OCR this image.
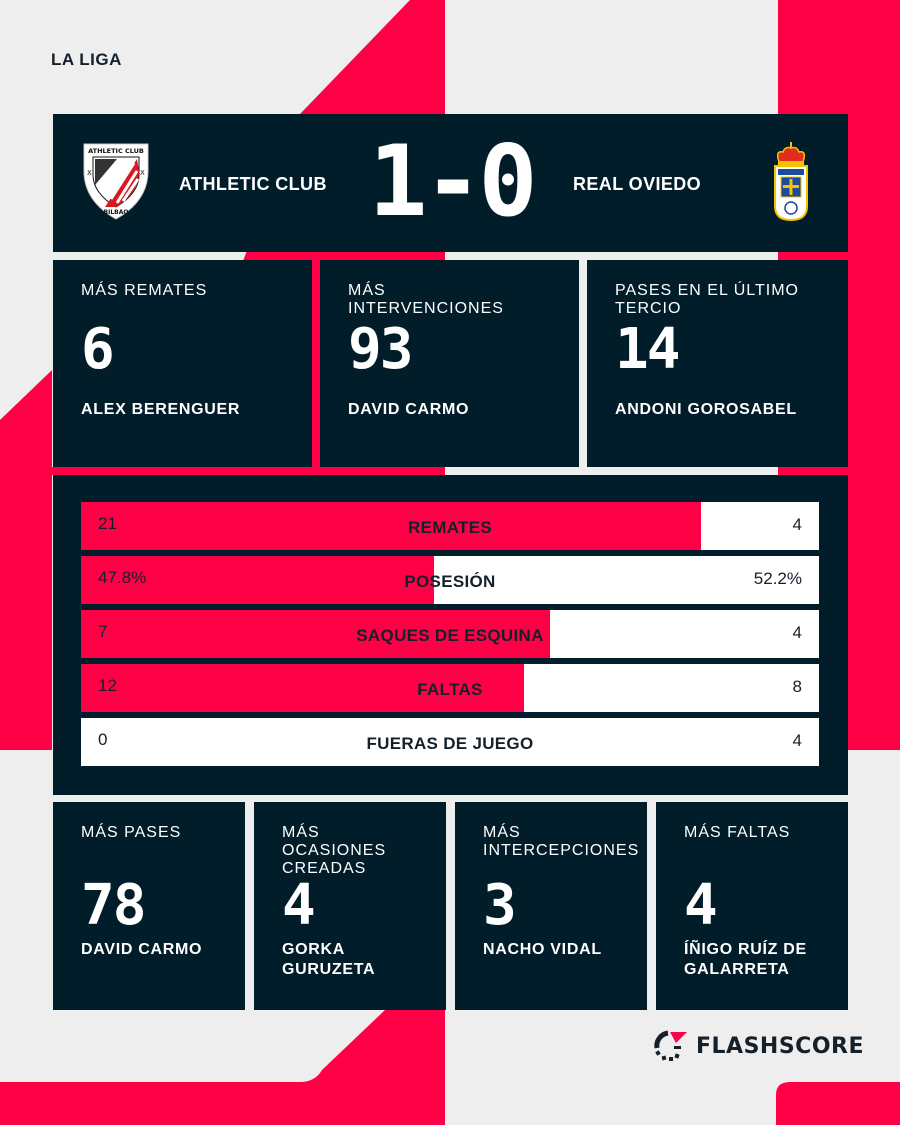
LA LIGA
ATHLETIC CLUB
X	X
BILBAO
ATHLETIC CLUB 1-0	REAL OVIEDO
MÁS REMATES
6
ALEX BERENGUER
MÁS INTERVENCIONES
93
DAVID CARMO
PASES EN EL ÚLTIMO TERCIO
14
ANDONI GOROSABEL
21	REMATES	4
47.8%	POSESIÓN	52.2%
7	SAQUES DE ESQUINA	4
12	FALTAS	8
0	FUERAS DE JUEGO	4
MÁS PASES
78
DAVID CARMO
MÁS OCASIONES CREADAS
4
GORKA GURUZETA
MÁS INTERCEPCIONES
3
NACHO VIDAL
MÁS FALTAS
4
ÍÑIGO RUÍZ DE GALARRETA
FLASHSCORE
